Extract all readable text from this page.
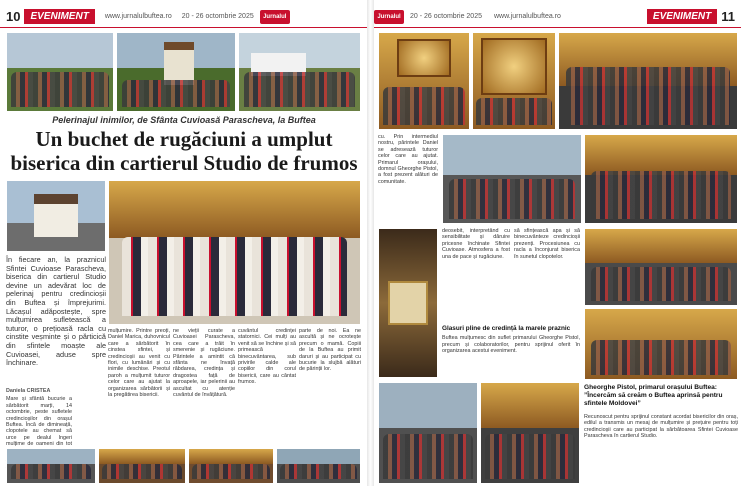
10	EVENIMENT	www.jurnalulbuftea.ro 20 - 26 octombrie 2025	Jurnalul
Pelerinajul inimilor, de Sfânta Cuvioasă Parascheva, la Buftea
Un buchet de rugăciuni a umplut
biserica din cartierul Studio de frumos
În fiecare an, la praznicul Sfintei Cuvioase Parascheva, biserica din cartierul Studio devine un adevărat loc de pelerinaj pentru credincioșii din Buftea și împrejurimi. Lăcașul adăpostește, spre mulțumirea sufletească a tuturor, o prețioasă racla cu cinstite veșminte și o părticică din sfintele moaște ale Cuvioasei, aduse spre închinare.
Daniela CRISTEA

Mare și sfântă bucurie a sărbătorit marți, 14 octombrie, peste sufletele credincioșilor din orașul Buftea. Încă de dimineață, clopotele au chemat să urce pe dealul Ingeri mulțime de oameni din tot

mulțumire. Printre preoți, Daniel Marica, duhovnicul care a sărbătorit în cinstea sfintei, și credincioșii au venit cu flori, cu lumânări și cu inimile deschise. Preotul paroh a mulțumit tuturor celor care au ajutat la organizarea sărbătorii și la pregătirea bisericii.

ne vieții curate a Cuvioasei Parascheva, cea care a trăit în smerenie și rugăciune. Părintele a amintit că sfânta ne învață răbdarea, credința și dragostea față de aproapele, iar pelerinii au ascultat cu atenție cuvântul de învățătură.

cuvântul credinței statornici. Cei mulți au venit să se închine și să primească binecuvântarea, sub privirile calde ale copiilor din corul bisericii, care au cântat frumos.

parte de noi. Ea ne ascultă și ne ocrotește precum o mamă. Copiii de la Buftea au primit daruri și au participat cu bucurie la slujbă alături de părinții lor.

Jurnalul	20 - 26 octombrie 2025 www.jurnalulbuftea.ro	EVENIMENT 11

cu. Prin intermediul nostru, părintele Daniel se adresează tuturor celor care au ajutat. Primarul orașului, domnul Gheorghe Pistol, a fost prezent alături de comunitate.

deosebit, interpretând cu sensibilitate și dăruire pricesne închinate Sfintei Cuvioase. Atmosfera a fost una de pace și rugăciune.

să sfințească apa și să binecuvânteze credincioșii prezenți. Procesiunea cu racla a înconjurat biserica în sunetul clopotelor.

Glasuri pline de credință la marele praznic

Buftea mulțumesc din suflet primarului Gheorghe Pistol, precum și colaboratorilor, pentru sprijinul oferit în organizarea acestui eveniment.

Gheorghe Pistol, primarul orașului Buftea: ”Încercăm să creăm o Buftea aprinsă pentru sfintele Moldovei”

Recunoscut pentru sprijinul constant acordat bisericilor din oraș, edilul a transmis un mesaj de mulțumire și prețuire pentru toți credincioșii care au participat la sărbătoarea Sfintei Cuvioase Parascheva în cartierul Studio.
